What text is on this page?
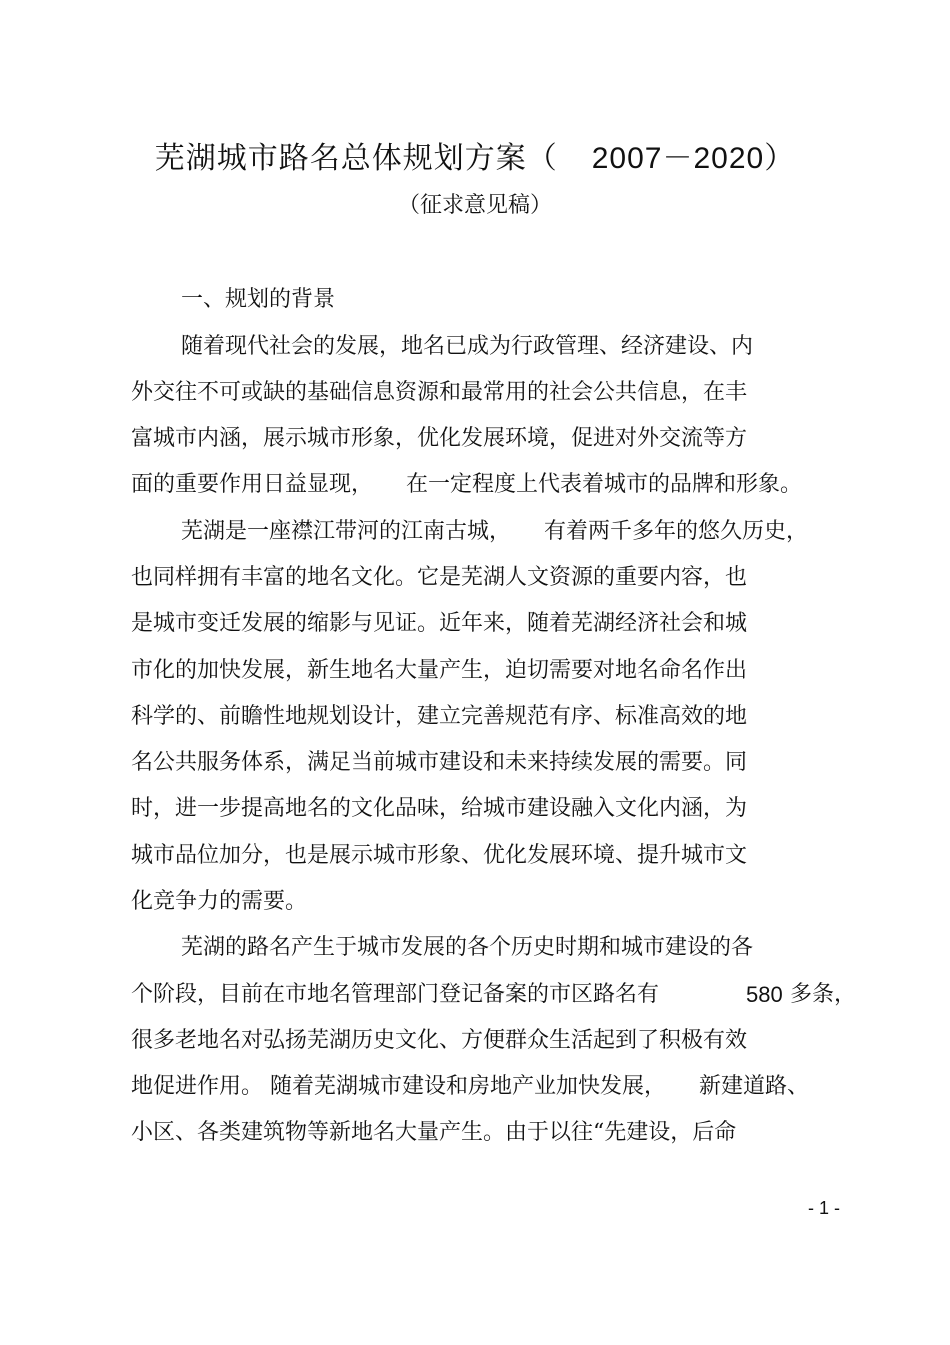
芜湖城市路名总体规划方案（ 2007－2020）
（征求意见稿）
一、规划的背景
随着现代社会的发展，地名已成为行政管理、经济建设、内
外交往不可或缺的基础信息资源和最常用的社会公共信息，在丰
富城市内涵，展示城市形象，优化发展环境，促进对外交流等方
面的重要作用日益显现，　　在一定程度上代表着城市的品牌和形象。
芜湖是一座襟江带河的江南古城，　　有着两千多年的悠久历史，
也同样拥有丰富的地名文化。它是芜湖人文资源的重要内容，也
是城市变迁发展的缩影与见证。近年来，随着芜湖经济社会和城
市化的加快发展，新生地名大量产生，迫切需要对地名命名作出
科学的、前瞻性地规划设计，建立完善规范有序、标准高效的地
名公共服务体系，满足当前城市建设和未来持续发展的需要。同
时，进一步提高地名的文化品味，给城市建设融入文化内涵，为
城市品位加分，也是展示城市形象、优化发展环境、提升城市文
化竞争力的需要。
芜湖的路名产生于城市发展的各个历史时期和城市建设的各
个阶段，目前在市地名管理部门登记备案的市区路名有	580 多条，
很多老地名对弘扬芜湖历史文化、方便群众生活起到了积极有效
地促进作用。 随着芜湖城市建设和房地产业加快发展，　　新建道路、
小区、各类建筑物等新地名大量产生。由于以往“先建设，后命
- 1 -
